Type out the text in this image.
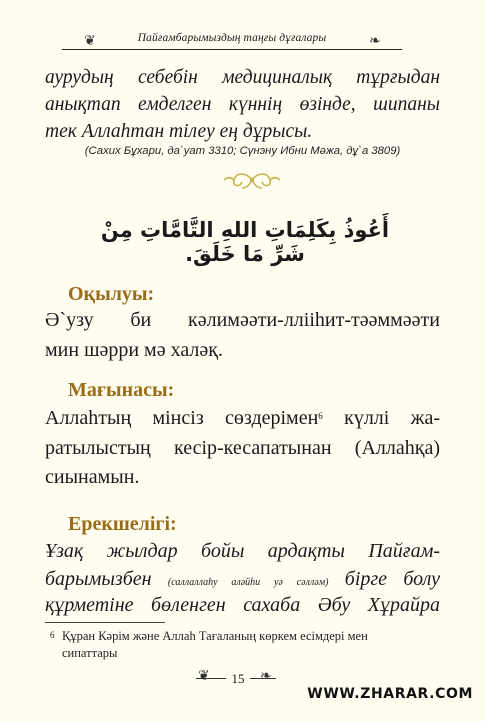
Пайғамбарымыздың таңғы дұғалары
❦	❧
аурудың себебін медициналық тұрғыдан
анықтап емделген күннің өзінде, шипаны
тек Аллаһтан тілеу ең дұрысы.
(Сахих Бұхари, да`уат 3310; Сүнэну Ибни Мәжа, дұ`а 3809)
أَعُوذُ بِكَلِمَاتِ اللهِ التَّامَّاتِ مِنْ شَرِّ مَا خَلَقَ.
Оқылуы:
Ә`узу би кәлимәәти-ллііһит-тәәммәәти
мин шәрри мә халәқ.
Мағынасы:
Аллаһтың мінсіз сөздерімен$^6$ күллі жа-
ратылыстың кесір-кесапатынан (Аллаһқа)
сиынамын.
Ерекшелігі:
Ұзақ жылдар бойы ардақты Пайғам-
барымызбен (саллаллаһу аләйһи уә сәлләм) бірге болу
құрметіне бөленген сахаба Әбу Хұрайра
6 Құран Кәрім және Аллаһ Тағаланың көркем есімдері мен сипаттары
❦	15	❧
WWW.ZHARAR.COM
